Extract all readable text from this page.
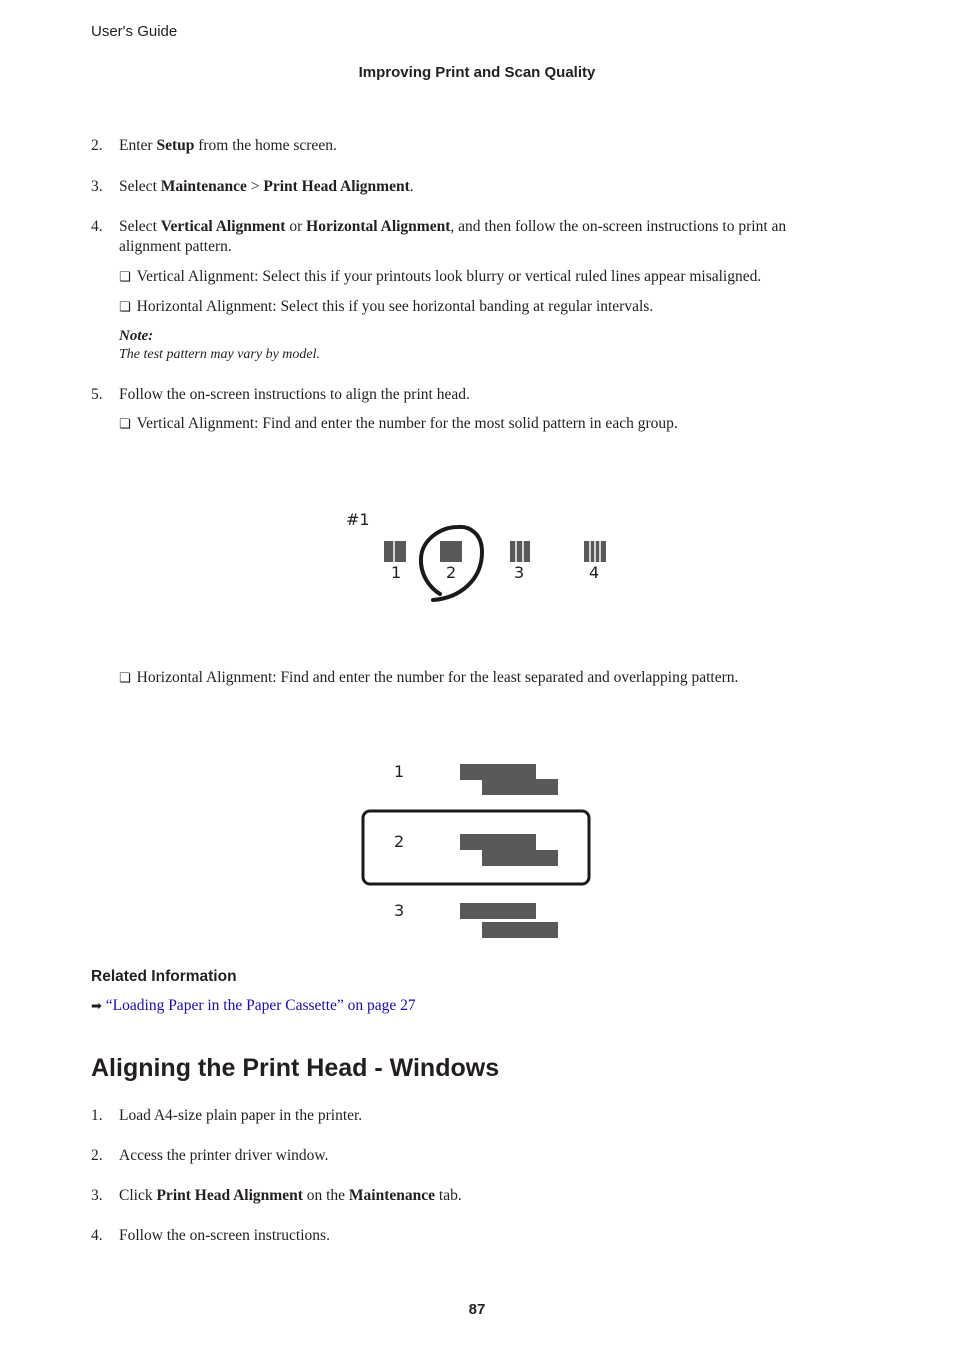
User's Guide
Improving Print and Scan Quality
2. Enter Setup from the home screen.
3. Select Maintenance > Print Head Alignment.
4. Select Vertical Alignment or Horizontal Alignment, and then follow the on-screen instructions to print an
alignment pattern.
❏ Vertical Alignment: Select this if your printouts look blurry or vertical ruled lines appear misaligned.
❏ Horizontal Alignment: Select this if you see horizontal banding at regular intervals.
Note:
The test pattern may vary by model.
5. Follow the on-screen instructions to align the print head.
❏ Vertical Alignment: Find and enter the number for the most solid pattern in each group.
#1
1	2	3	4
❏ Horizontal Alignment: Find and enter the number for the least separated and overlapping pattern.
1
2
3
Related Information
➡ “Loading Paper in the Paper Cassette” on page 27
Aligning the Print Head - Windows
1. Load A4-size plain paper in the printer.
2. Access the printer driver window.
3. Click Print Head Alignment on the Maintenance tab.
4. Follow the on-screen instructions.
87
